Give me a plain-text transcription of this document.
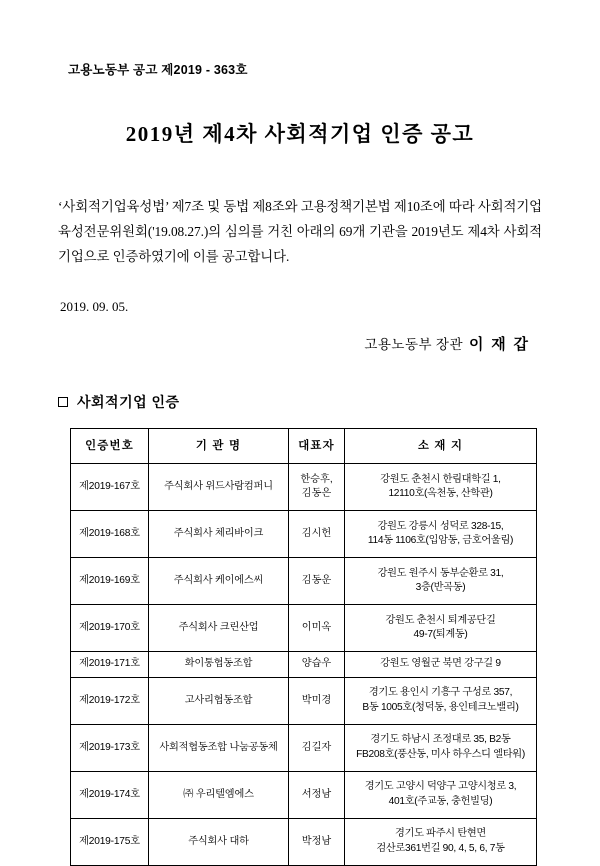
고용노동부 공고 제2019 - 363호
2019년 제4차 사회적기업 인증 공고

‘사회적기업육성법’ 제7조 및 동법 제8조와 고용정책기본법 제10조에 따라 사회적기업육성전문위원회('19.08.27.)의 심의를 거친 아래의 69개 기관을 2019년도 제4차 사회적기업으로 인증하였기에 이를 공고합니다.

2019. 09. 05.
고용노동부 장관 이 재 갑
사회적기업 인증
인증번호	기 관 명	대표자	소 재 지
제2019-167호	주식회사 위드사람컴퍼니	한승후,
김동은	강원도 춘천시 한림대학길 1,
12110호(옥천동, 산학관)
제2019-168호	주식회사 체리바이크	김시헌	강원도 강릉시 성덕로 328-15,
114동 1106호(입암동, 금호어울림)
제2019-169호	주식회사 케이에스씨	김동운	강원도 원주시 동부순환로 31,
3층(반곡동)
제2019-170호	주식회사 크린산업	이미옥	강원도 춘천시 퇴계공단길
49-7(퇴계동)
제2019-171호	화이통협동조합	양습우	강원도 영월군 북면 강구길 9
제2019-172호	고사리협동조합	박미경	경기도 용인시 기흥구 구성로 357,
B동 1005호(청덕동, 용인테크노밸리)
제2019-173호	사회적협동조합 나눔공동체	김길자	경기도 하남시 조정대로 35, B2동
FB208호(풍산동, 미사 하우스디 엘타워)
제2019-174호	㈜ 우리텔엠에스	서정남	경기도 고양시 덕양구 고양시청로 3,
401호(주교동, 충헌빌딩)
제2019-175호	주식회사 대하	박정남	경기도 파주시 탄현면
검산로361번길 90, 4, 5, 6, 7동
